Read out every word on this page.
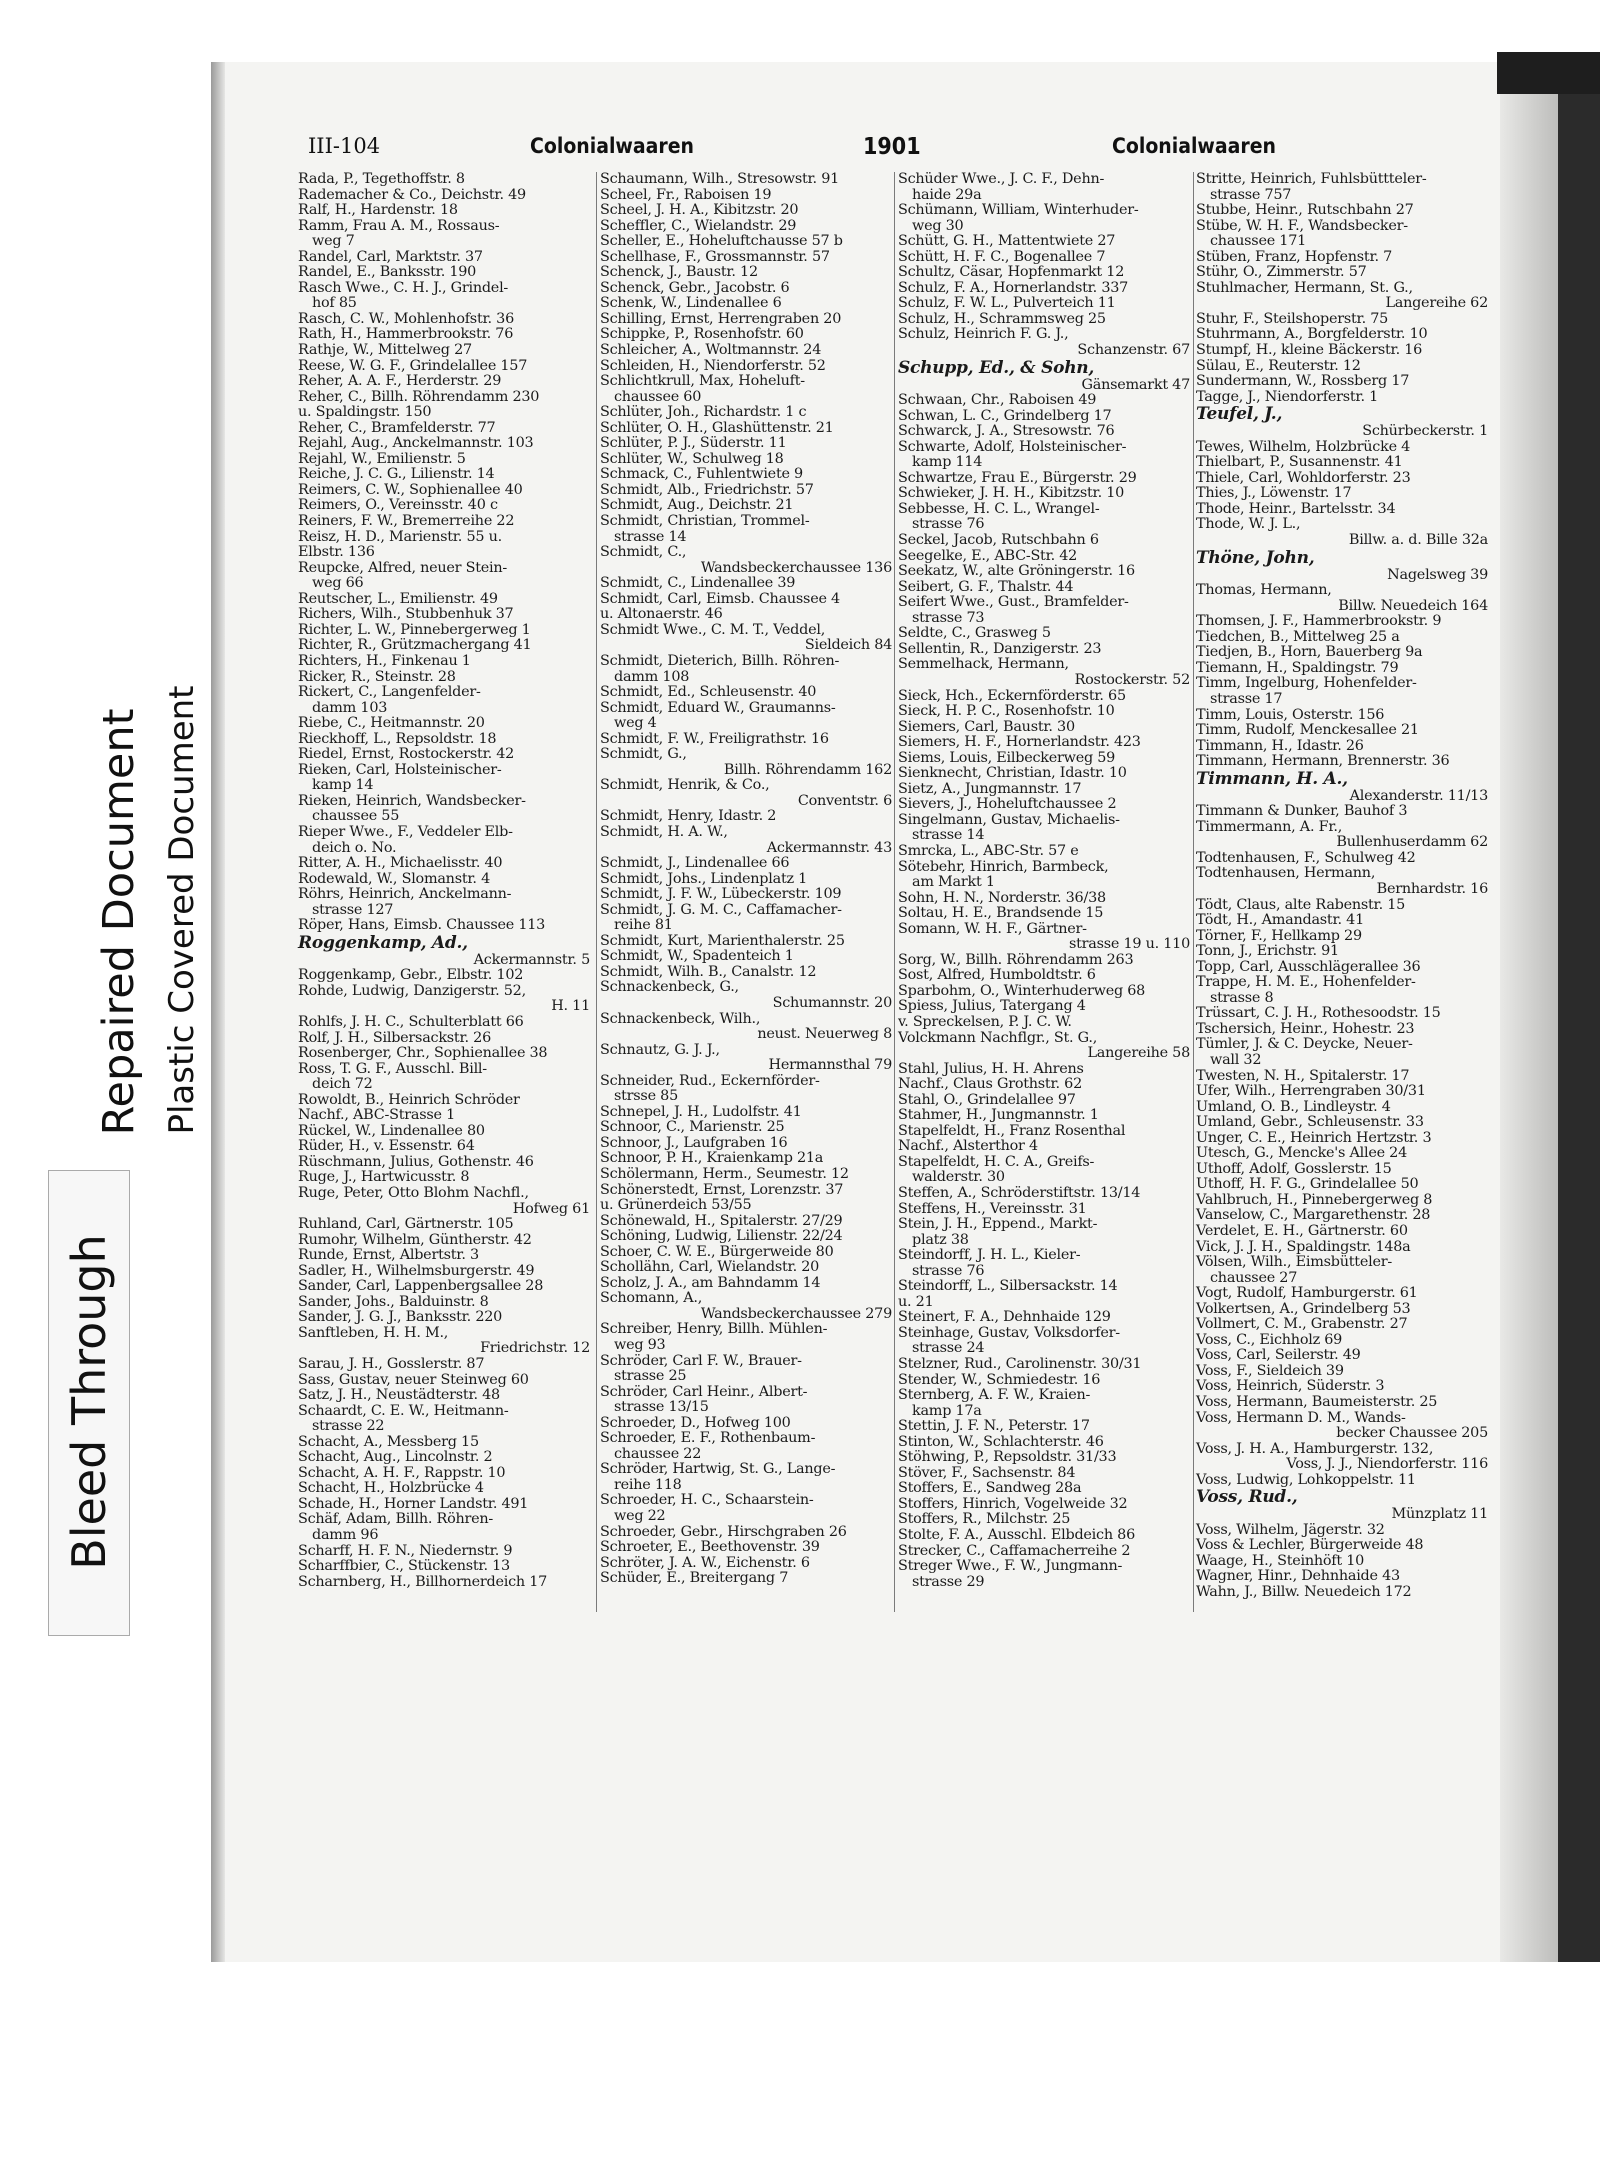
III-104	Colonialwaaren	1901	Colonialwaaren
Rada, P., Tegethoffstr. 8
Rademacher & Co., Deichstr. 49
Ralf, H., Hardenstr. 18
Ramm, Frau A. M., Rossaus-
weg 7
Randel, Carl, Marktstr. 37
Randel, E., Banksstr. 190
Rasch Wwe., C. H. J., Grindel-
hof 85
Rasch, C. W., Mohlenhofstr. 36
Rath, H., Hammerbrookstr. 76
Rathje, W., Mittelweg 27
Reese, W. G. F., Grindelallee 157
Reher, A. A. F., Herderstr. 29
Reher, C., Billh. Röhrendamm 230
u. Spaldingstr. 150
Reher, C., Bramfelderstr. 77
Rejahl, Aug., Anckelmannstr. 103
Rejahl, W., Emilienstr. 5
Reiche, J. C. G., Lilienstr. 14
Reimers, C. W., Sophienallee 40
Reimers, O., Vereinsstr. 40 c
Reiners, F. W., Bremerreihe 22
Reisz, H. D., Marienstr. 55 u.
Elbstr. 136
Reupcke, Alfred, neuer Stein-
weg 66
Reutscher, L., Emilienstr. 49
Richers, Wilh., Stubbenhuk 37
Richter, L. W., Pinnebergerweg 1
Richter, R., Grützmachergang 41
Richters, H., Finkenau 1
Ricker, R., Steinstr. 28
Rickert, C., Langenfelder-
damm 103
Riebe, C., Heitmannstr. 20
Rieckhoff, L., Repsoldstr. 18
Riedel, Ernst, Rostockerstr. 42
Rieken, Carl, Holsteinischer-
kamp 14
Rieken, Heinrich, Wandsbecker-
chaussee 55
Rieper Wwe., F., Veddeler Elb-
deich o. No.
Ritter, A. H., Michaelisstr. 40
Rodewald, W., Slomanstr. 4
Röhrs, Heinrich, Anckelmann-
strasse 127
Röper, Hans, Eimsb. Chaussee 113
Roggenkamp, Ad.,
Ackermannstr. 5
Roggenkamp, Gebr., Elbstr. 102
Rohde, Ludwig, Danzigerstr. 52,
H. 11
Rohlfs, J. H. C., Schulterblatt 66
Rolf, J. H., Silbersackstr. 26
Rosenberger, Chr., Sophienallee 38
Ross, T. G. F., Ausschl. Bill-
deich 72
Rowoldt, B., Heinrich Schröder
Nachf., ABC-Strasse 1
Rückel, W., Lindenallee 80
Rüder, H., v. Essenstr. 64
Rüschmann, Julius, Gothenstr. 46
Ruge, J., Hartwicusstr. 8
Ruge, Peter, Otto Blohm Nachfl.,
Hofweg 61
Ruhland, Carl, Gärtnerstr. 105
Rumohr, Wilhelm, Güntherstr. 42
Runde, Ernst, Albertstr. 3
Sadler, H., Wilhelmsburgerstr. 49
Sander, Carl, Lappenbergsallee 28
Sander, Johs., Balduinstr. 8
Sander, J. G. J., Banksstr. 220
Sanftleben, H. H. M.,
Friedrichstr. 12
Sarau, J. H., Gosslerstr. 87
Sass, Gustav, neuer Steinweg 60
Satz, J. H., Neustädterstr. 48
Schaardt, C. E. W., Heitmann-
strasse 22
Schacht, A., Messberg 15
Schacht, Aug., Lincolnstr. 2
Schacht, A. H. F., Rappstr. 10
Schacht, H., Holzbrücke 4
Schade, H., Horner Landstr. 491
Schäf, Adam, Billh. Röhren-
damm 96
Scharff, H. F. N., Niedernstr. 9
Scharffbier, C., Stückenstr. 13
Scharnberg, H., Billhornerdeich 17
Schaumann, Wilh., Stresowstr. 91
Scheel, Fr., Raboisen 19
Scheel, J. H. A., Kibitzstr. 20
Scheffler, C., Wielandstr. 29
Scheller, E., Hoheluftchausse 57 b
Schellhase, F., Grossmannstr. 57
Schenck, J., Baustr. 12
Schenck, Gebr., Jacobstr. 6
Schenk, W., Lindenallee 6
Schilling, Ernst, Herrengraben 20
Schippke, P., Rosenhofstr. 60
Schleicher, A., Woltmannstr. 24
Schleiden, H., Niendorferstr. 52
Schlichtkrull, Max, Hoheluft-
chaussee 60
Schlüter, Joh., Richardstr. 1 c
Schlüter, O. H., Glashüttenstr. 21
Schlüter, P. J., Süderstr. 11
Schlüter, W., Schulweg 18
Schmack, C., Fuhlentwiete 9
Schmidt, Alb., Friedrichstr. 57
Schmidt, Aug., Deichstr. 21
Schmidt, Christian, Trommel-
strasse 14
Schmidt, C.,
Wandsbeckerchaussee 136
Schmidt, C., Lindenallee 39
Schmidt, Carl, Eimsb. Chaussee 4
u. Altonaerstr. 46
Schmidt Wwe., C. M. T., Veddel,
Sieldeich 84
Schmidt, Dieterich, Billh. Röhren-
damm 108
Schmidt, Ed., Schleusenstr. 40
Schmidt, Eduard W., Graumanns-
weg 4
Schmidt, F. W., Freiligrathstr. 16
Schmidt, G.,
Billh. Röhrendamm 162
Schmidt, Henrik, & Co.,
Conventstr. 6
Schmidt, Henry, Idastr. 2
Schmidt, H. A. W.,
Ackermannstr. 43
Schmidt, J., Lindenallee 66
Schmidt, Johs., Lindenplatz 1
Schmidt, J. F. W., Lübeckerstr. 109
Schmidt, J. G. M. C., Caffamacher-
reihe 81
Schmidt, Kurt, Marienthalerstr. 25
Schmidt, W., Spadenteich 1
Schmidt, Wilh. B., Canalstr. 12
Schnackenbeck, G.,
Schumannstr. 20
Schnackenbeck, Wilh.,
neust. Neuerweg 8
Schnautz, G. J. J.,
Hermannsthal 79
Schneider, Rud., Eckernförder-
strsse 85
Schnepel, J. H., Ludolfstr. 41
Schnoor, C., Marienstr. 25
Schnoor, J., Laufgraben 16
Schnoor, P. H., Kraienkamp 21a
Schölermann, Herm., Seumestr. 12
Schönerstedt, Ernst, Lorenzstr. 37
u. Grünerdeich 53/55
Schönewald, H., Spitalerstr. 27/29
Schöning, Ludwig, Lilienstr. 22/24
Schoer, C. W. E., Bürgerweide 80
Schollähn, Carl, Wielandstr. 20
Scholz, J. A., am Bahndamm 14
Schomann, A.,
Wandsbeckerchaussee 279
Schreiber, Henry, Billh. Mühlen-
weg 93
Schröder, Carl F. W., Brauer-
strasse 25
Schröder, Carl Heinr., Albert-
strasse 13/15
Schroeder, D., Hofweg 100
Schroeder, E. F., Rothenbaum-
chaussee 22
Schröder, Hartwig, St. G., Lange-
reihe 118
Schroeder, H. C., Schaarstein-
weg 22
Schroeder, Gebr., Hirschgraben 26
Schroeter, E., Beethovenstr. 39
Schröter, J. A. W., Eichenstr. 6
Schüder, E., Breitergang 7
Schüder Wwe., J. C. F., Dehn-
haide 29a
Schümann, William, Winterhuder-
weg 30
Schütt, G. H., Mattentwiete 27
Schütt, H. F. C., Bogenallee 7
Schultz, Cäsar, Hopfenmarkt 12
Schulz, F. A., Hornerlandstr. 337
Schulz, F. W. L., Pulverteich 11
Schulz, H., Schrammsweg 25
Schulz, Heinrich F. G. J.,
Schanzenstr. 67
Schupp, Ed., & Sohn,
Gänsemarkt 47
Schwaan, Chr., Raboisen 49
Schwan, L. C., Grindelberg 17
Schwarck, J. A., Stresowstr. 76
Schwarte, Adolf, Holsteinischer-
kamp 114
Schwartze, Frau E., Bürgerstr. 29
Schwieker, J. H. H., Kibitzstr. 10
Sebbesse, H. C. L., Wrangel-
strasse 76
Seckel, Jacob, Rutschbahn 6
Seegelke, E., ABC-Str. 42
Seekatz, W., alte Gröningerstr. 16
Seibert, G. F., Thalstr. 44
Seifert Wwe., Gust., Bramfelder-
strasse 73
Seldte, C., Grasweg 5
Sellentin, R., Danzigerstr. 23
Semmelhack, Hermann,
Rostockerstr. 52
Sieck, Hch., Eckernförderstr. 65
Sieck, H. P. C., Rosenhofstr. 10
Siemers, Carl, Baustr. 30
Siemers, H. F., Hornerlandstr. 423
Siems, Louis, Eilbeckerweg 59
Sienknecht, Christian, Idastr. 10
Sietz, A., Jungmannstr. 17
Sievers, J., Hoheluftchaussee 2
Singelmann, Gustav, Michaelis-
strasse 14
Smrcka, L., ABC-Str. 57 e
Sötebehr, Hinrich, Barmbeck,
am Markt 1
Sohn, H. N., Norderstr. 36/38
Soltau, H. E., Brandsende 15
Somann, W. H. F., Gärtner-
strasse 19 u. 110
Sorg, W., Billh. Röhrendamm 263
Sost, Alfred, Humboldtstr. 6
Sparbohm, O., Winterhuderweg 68
Spiess, Julius, Tatergang 4
v. Spreckelsen, P. J. C. W.
Volckmann Nachflgr., St. G.,
Langereihe 58
Stahl, Julius, H. H. Ahrens
Nachf., Claus Grothstr. 62
Stahl, O., Grindelallee 97
Stahmer, H., Jungmannstr. 1
Stapelfeldt, H., Franz Rosenthal
Nachf., Alsterthor 4
Stapelfeldt, H. C. A., Greifs-
walderstr. 30
Steffen, A., Schröderstiftstr. 13/14
Steffens, H., Vereinsstr. 31
Stein, J. H., Eppend., Markt-
platz 38
Steindorff, J. H. L., Kieler-
strasse 76
Steindorff, L., Silbersackstr. 14
u. 21
Steinert, F. A., Dehnhaide 129
Steinhage, Gustav, Volksdorfer-
strasse 24
Stelzner, Rud., Carolinenstr. 30/31
Stender, W., Schmiedestr. 16
Sternberg, A. F. W., Kraien-
kamp 17a
Stettin, J. F. N., Peterstr. 17
Stinton, W., Schlachterstr. 46
Stöhwing, P., Repsoldstr. 31/33
Stöver, F., Sachsenstr. 84
Stoffers, E., Sandweg 28a
Stoffers, Hinrich, Vogelweide 32
Stoffers, R., Milchstr. 25
Stolte, F. A., Ausschl. Elbdeich 86
Strecker, C., Caffamacherreihe 2
Streger Wwe., F. W., Jungmann-
strasse 29
Stritte, Heinrich, Fuhlsbüttteler-
strasse 757
Stubbe, Heinr., Rutschbahn 27
Stübe, W. H. F., Wandsbecker-
chaussee 171
Stüben, Franz, Hopfenstr. 7
Stühr, O., Zimmerstr. 57
Stuhlmacher, Hermann, St. G.,
Langereihe 62
Stuhr, F., Steilshoperstr. 75
Stuhrmann, A., Borgfelderstr. 10
Stumpf, H., kleine Bäckerstr. 16
Sülau, E., Reuterstr. 12
Sundermann, W., Rossberg 17
Tagge, J., Niendorferstr. 1
Teufel, J.,
Schürbeckerstr. 1
Tewes, Wilhelm, Holzbrücke 4
Thielbart, P., Susannenstr. 41
Thiele, Carl, Wohldorferstr. 23
Thies, J., Löwenstr. 17
Thode, Heinr., Bartelsstr. 34
Thode, W. J. L.,
Billw. a. d. Bille 32a
Thöne, John,
Nagelsweg 39
Thomas, Hermann,
Billw. Neuedeich 164
Thomsen, J. F., Hammerbrookstr. 9
Tiedchen, B., Mittelweg 25 a
Tiedjen, B., Horn, Bauerberg 9a
Tiemann, H., Spaldingstr. 79
Timm, Ingelburg, Hohenfelder-
strasse 17
Timm, Louis, Osterstr. 156
Timm, Rudolf, Menckesallee 21
Timmann, H., Idastr. 26
Timmann, Hermann, Brennerstr. 36
Timmann, H. A.,
Alexanderstr. 11/13
Timmann & Dunker, Bauhof 3
Timmermann, A. Fr.,
Bullenhuserdamm 62
Todtenhausen, F., Schulweg 42
Todtenhausen, Hermann,
Bernhardstr. 16
Tödt, Claus, alte Rabenstr. 15
Tödt, H., Amandastr. 41
Törner, F., Hellkamp 29
Tonn, J., Erichstr. 91
Topp, Carl, Ausschlägerallee 36
Trappe, H. M. E., Hohenfelder-
strasse 8
Trüssart, C. J. H., Rothesoodstr. 15
Tschersich, Heinr., Hohestr. 23
Tümler, J. & C. Deycke, Neuer-
wall 32
Twesten, N. H., Spitalerstr. 17
Ufer, Wilh., Herrengraben 30/31
Umland, O. B., Lindleystr. 4
Umland, Gebr., Schleusenstr. 33
Unger, C. E., Heinrich Hertzstr. 3
Utesch, G., Mencke's Allee 24
Uthoff, Adolf, Gosslerstr. 15
Uthoff, H. F. G., Grindelallee 50
Vahlbruch, H., Pinnebergerweg 8
Vanselow, C., Margarethenstr. 28
Verdelet, E. H., Gärtnerstr. 60
Vick, J. J. H., Spaldingstr. 148a
Völsen, Wilh., Eimsbütteler-
chaussee 27
Vogt, Rudolf, Hamburgerstr. 61
Volkertsen, A., Grindelberg 53
Vollmert, C. M., Grabenstr. 27
Voss, C., Eichholz 69
Voss, Carl, Seilerstr. 49
Voss, F., Sieldeich 39
Voss, Heinrich, Süderstr. 3
Voss, Hermann, Baumeisterstr. 25
Voss, Hermann D. M., Wands-
becker Chaussee 205
Voss, J. H. A., Hamburgerstr. 132,
Voss, J. J., Niendorferstr. 116
Voss, Ludwig, Lohkoppelstr. 11
Voss, Rud.,
Münzplatz 11
Voss, Wilhelm, Jägerstr. 32
Voss & Lechler, Bürgerweide 48
Waage, H., Steinhöft 10
Wagner, Hinr., Dehnhaide 43
Wahn, J., Billw. Neuedeich 172
Bleed Through
Repaired Document Plastic Covered Document
